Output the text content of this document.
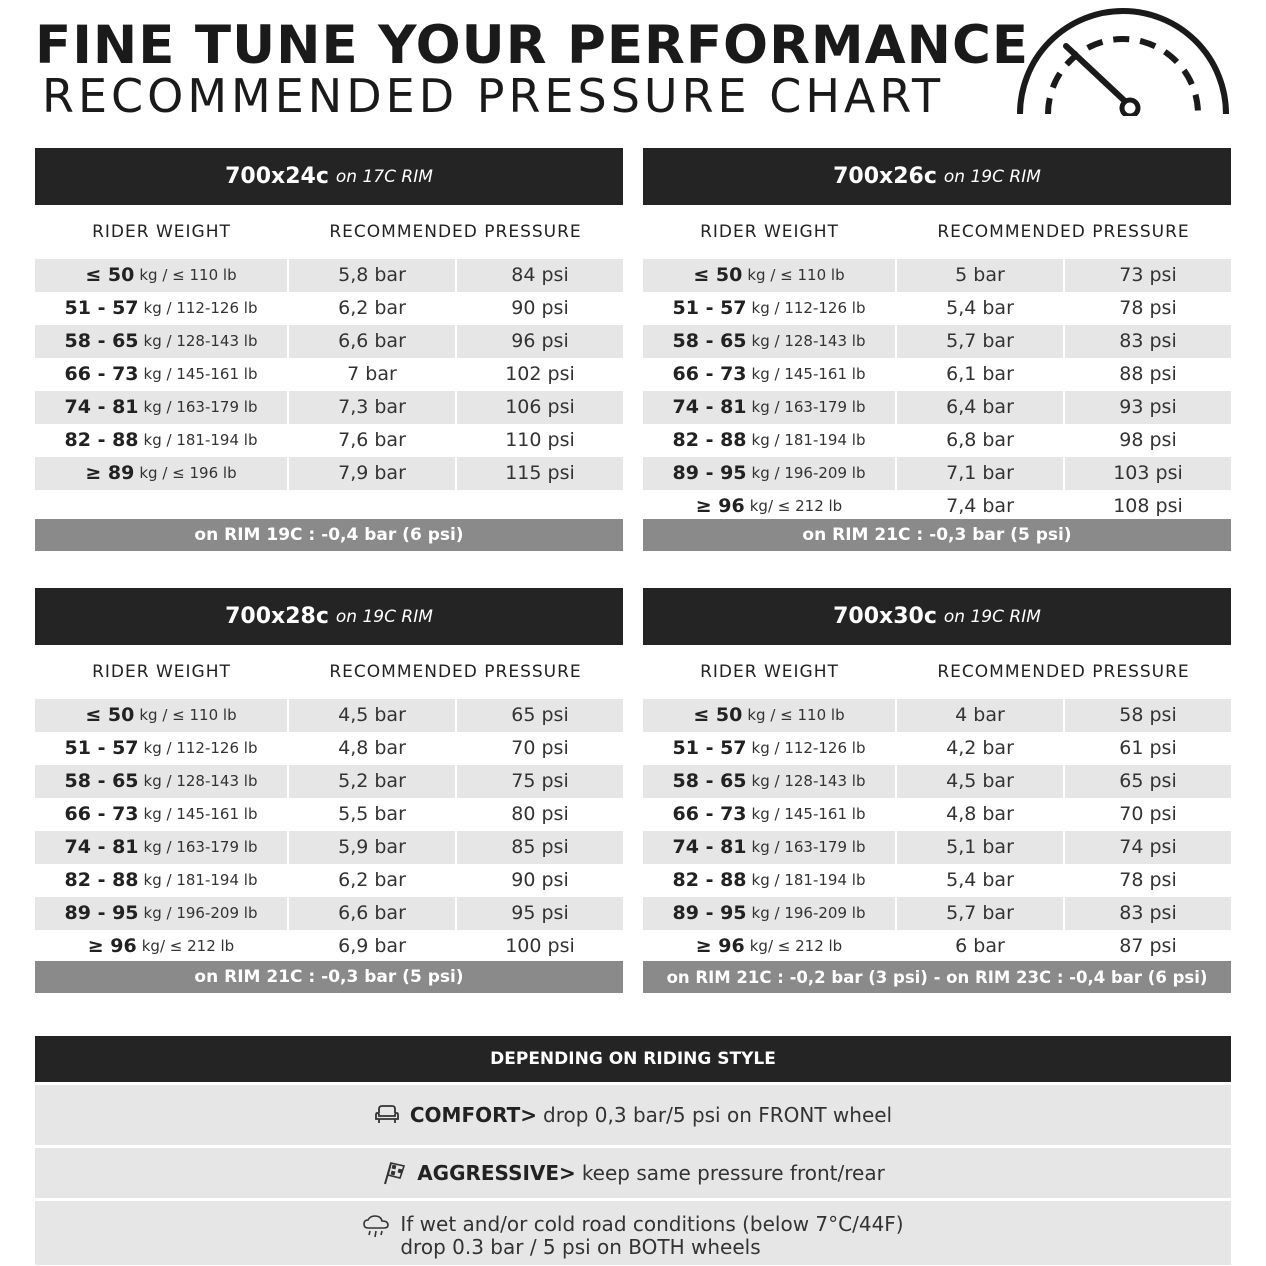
FINE TUNE YOUR PERFORMANCE
RECOMMENDED PRESSURE CHART
700x24c on 17C RIM
RIDER WEIGHT	RECOMMENDED PRESSURE
≤ 50 kg / ≤ 110 lb	5,8 bar	84 psi
51 - 57 kg / 112-126 lb	6,2 bar	90 psi
58 - 65 kg / 128-143 lb	6,6 bar	96 psi
66 - 73 kg / 145-161 lb	7 bar	102 psi
74 - 81 kg / 163-179 lb	7,3 bar	106 psi
82 - 88 kg / 181-194 lb	7,6 bar	110 psi
≥ 89 kg / ≤ 196 lb	7,9 bar	115 psi
on RIM 19C : -0,4 bar (6 psi)
700x26c on 19C RIM
RIDER WEIGHT	RECOMMENDED PRESSURE
≤ 50 kg / ≤ 110 lb	5 bar	73 psi
51 - 57 kg / 112-126 lb	5,4 bar	78 psi
58 - 65 kg / 128-143 lb	5,7 bar	83 psi
66 - 73 kg / 145-161 lb	6,1 bar	88 psi
74 - 81 kg / 163-179 lb	6,4 bar	93 psi
82 - 88 kg / 181-194 lb	6,8 bar	98 psi
89 - 95 kg / 196-209 lb	7,1 bar	103 psi
≥ 96 kg/ ≤ 212 lb	7,4 bar	108 psi
on RIM 21C : -0,3 bar (5 psi)
700x28c on 19C RIM
RIDER WEIGHT	RECOMMENDED PRESSURE
≤ 50 kg / ≤ 110 lb	4,5 bar	65 psi
51 - 57 kg / 112-126 lb	4,8 bar	70 psi
58 - 65 kg / 128-143 lb	5,2 bar	75 psi
66 - 73 kg / 145-161 lb	5,5 bar	80 psi
74 - 81 kg / 163-179 lb	5,9 bar	85 psi
82 - 88 kg / 181-194 lb	6,2 bar	90 psi
89 - 95 kg / 196-209 lb	6,6 bar	95 psi
≥ 96 kg/ ≤ 212 lb	6,9 bar	100 psi
on RIM 21C : -0,3 bar (5 psi)
700x30c on 19C RIM
RIDER WEIGHT	RECOMMENDED PRESSURE
≤ 50 kg / ≤ 110 lb	4 bar	58 psi
51 - 57 kg / 112-126 lb	4,2 bar	61 psi
58 - 65 kg / 128-143 lb	4,5 bar	65 psi
66 - 73 kg / 145-161 lb	4,8 bar	70 psi
74 - 81 kg / 163-179 lb	5,1 bar	74 psi
82 - 88 kg / 181-194 lb	5,4 bar	78 psi
89 - 95 kg / 196-209 lb	5,7 bar	83 psi
≥ 96 kg/ ≤ 212 lb	6 bar	87 psi
on RIM 21C : -0,2 bar (3 psi) - on RIM 23C : -0,4 bar (6 psi)
DEPENDING ON RIDING STYLE
COMFORT> drop 0,3 bar/5 psi on FRONT wheel
AGGRESSIVE> keep same pressure front/rear
If wet and/or cold road conditions (below 7°C/44F)
drop 0.3 bar / 5 psi on BOTH wheels
